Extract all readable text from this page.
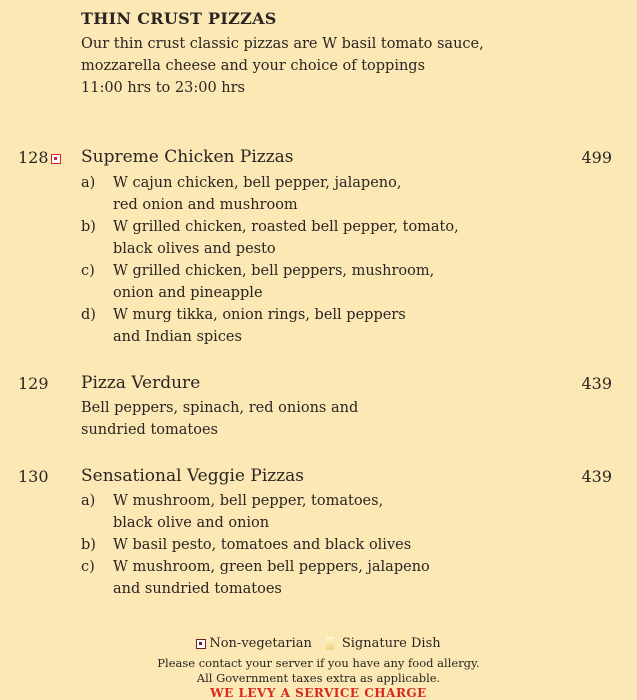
THIN CRUST PIZZAS
Our thin crust classic pizzas are W basil tomato sauce,
mozzarella cheese and your choice of toppings
11:00 hrs to 23:00 hrs
128	Supreme Chicken Pizzas	499
a) W cajun chicken, bell pepper, jalapeno,
red onion and mushroom
b) W grilled chicken, roasted bell pepper, tomato,
black olives and pesto
c) W grilled chicken, bell peppers, mushroom,
onion and pineapple
d) W murg tikka, onion rings, bell peppers
and Indian spices
129 Pizza Verdure	439
Bell peppers, spinach, red onions and
sundried tomatoes
130 Sensational Veggie Pizzas	439
a) W mushroom, bell pepper, tomatoes,
black olive and onion
b) W basil pesto, tomatoes and black olives
c) W mushroom, green bell peppers, jalapeno
and sundried tomatoes
Non-vegetarian Signature Dish
Please contact your server if you have any food allergy.
All Government taxes extra as applicable.
WE LEVY A SERVICE CHARGE
